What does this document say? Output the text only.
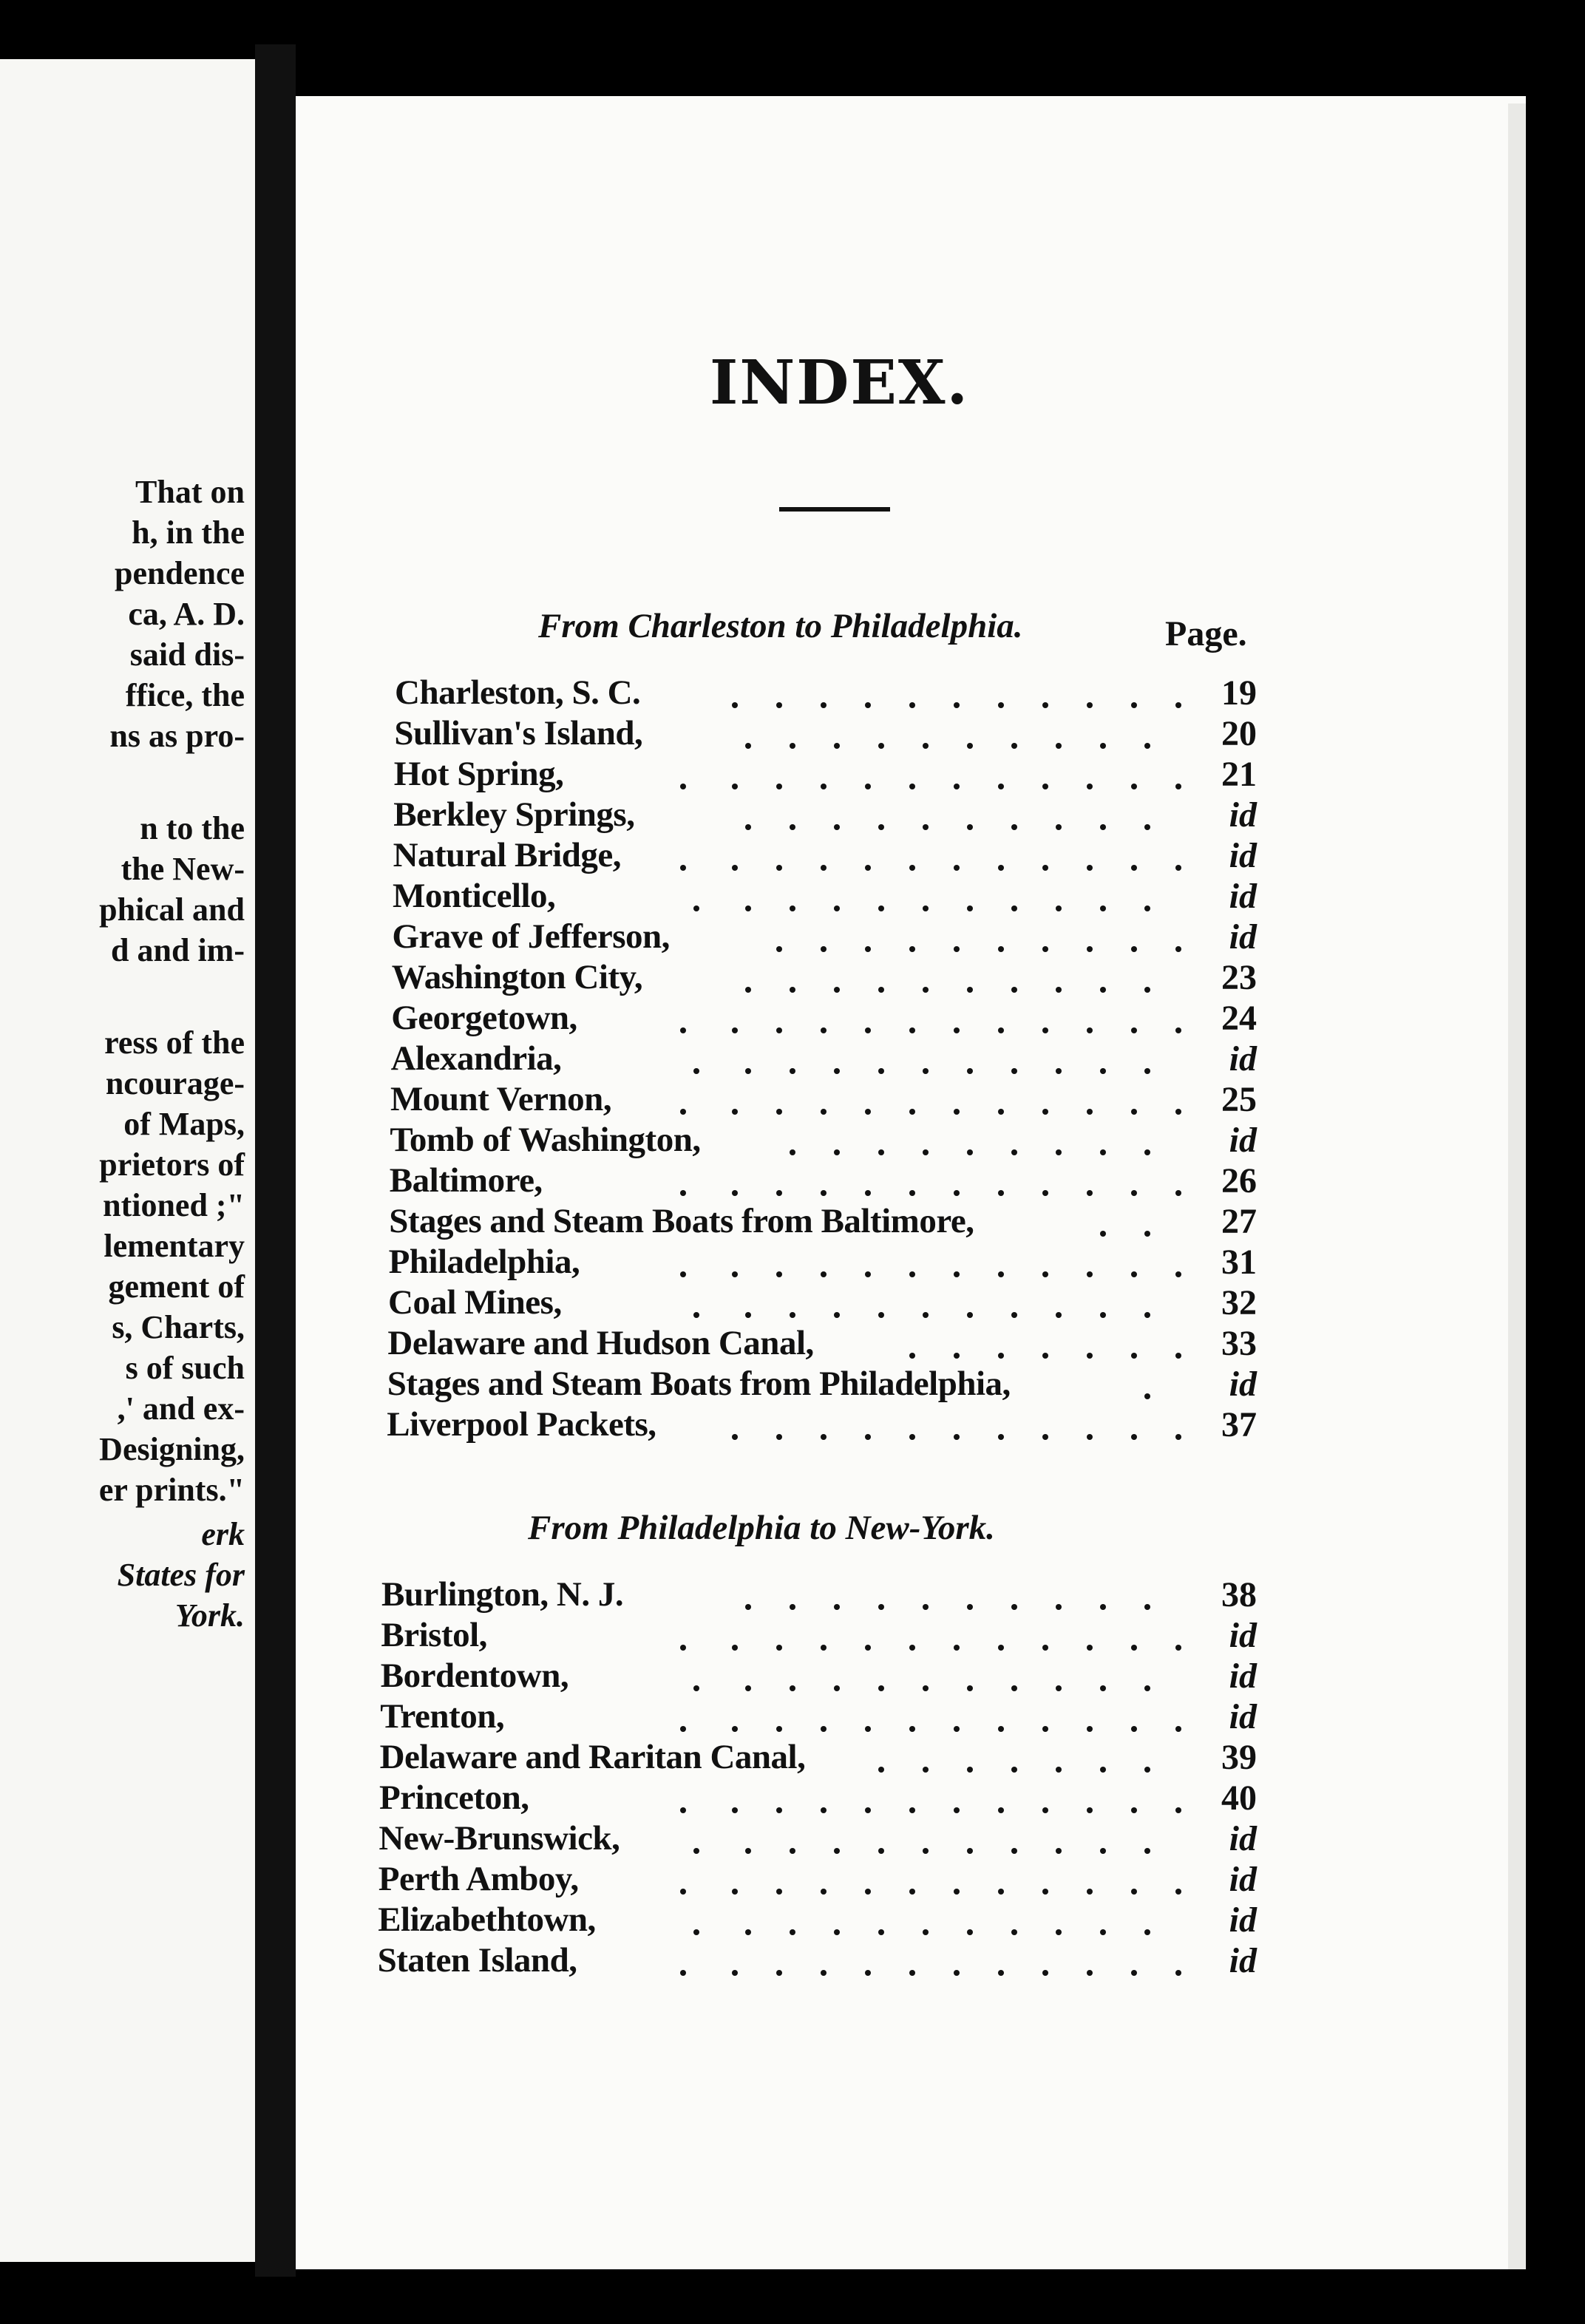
That on
h, in the
pendence
ca, A. D.
said dis-
ffice, the
ns as pro-
n to the
the New-
phical and
d and im-
ress of the
ncourage-
of Maps,
prietors of
ntioned ;"
lementary
gement of
s, Charts,
s of such
,' and ex-
Designing,
er prints."
erk
States for
York.
INDEX.
Page.
From Charleston to Philadelphia.
Charleston, S. C.	19
Sullivan's Island,	20
Hot Spring,	21
Berkley Springs,	id
Natural Bridge,	id
Monticello,	id
Grave of Jefferson,	id
Washington City,	23
Georgetown,	24
Alexandria,	id
Mount Vernon,	25
Tomb of Washington,	id
Baltimore,	26
Stages and Steam Boats from Baltimore,	27
Philadelphia,	31
Coal Mines,	32
Delaware and Hudson Canal,	33
Stages and Steam Boats from Philadelphia,	id
Liverpool Packets,	37
From Philadelphia to New-York.
Burlington, N. J.	38
Bristol,	id
Bordentown,	id
Trenton,	id
Delaware and Raritan Canal,	39
Princeton,	40
New-Brunswick,	id
Perth Amboy,	id
Elizabethtown,	id
Staten Island,	id
